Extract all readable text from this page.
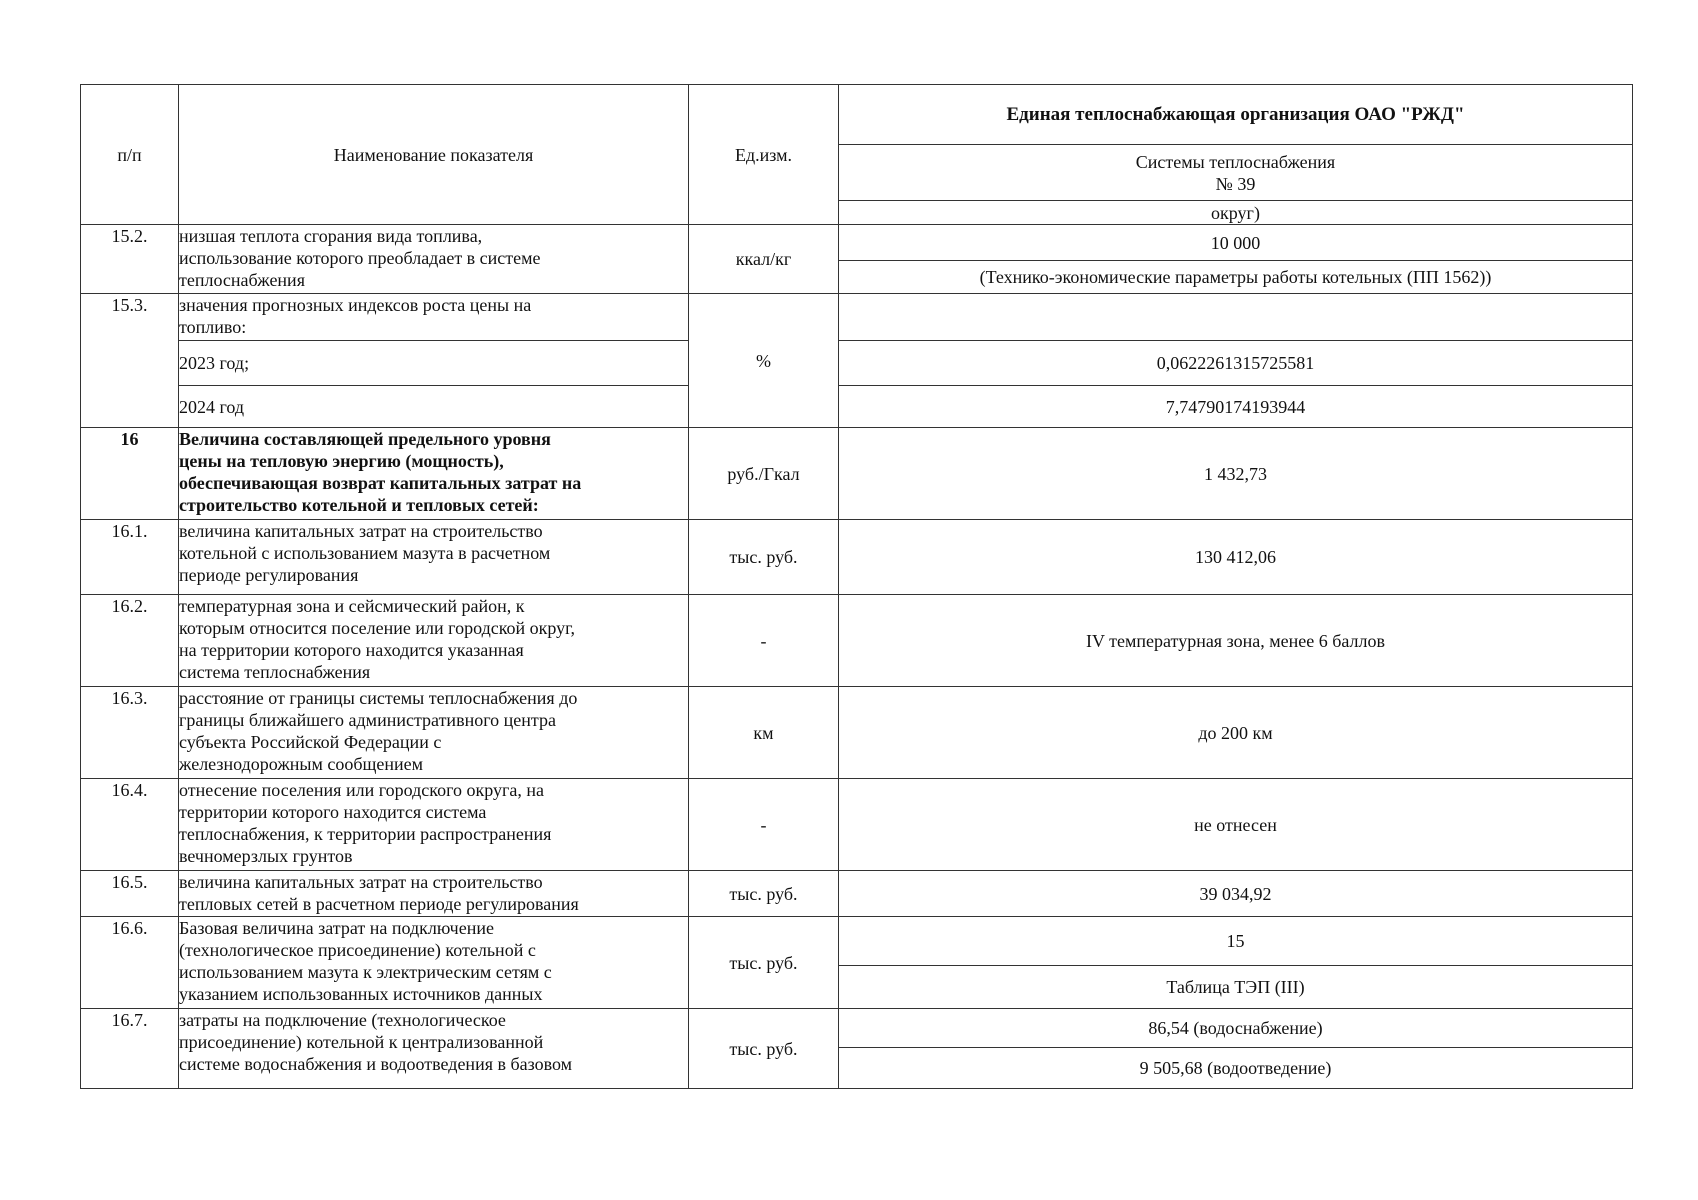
п/п	Наименование показателя	Ед.изм.	Единая теплоснабжающая организация ОАО "РЖД"

			Системы теплоснабжения
№ 39

			округ)
15.2.	низшая теплота сгорания вида топлива,
использование которого преобладает в системе
теплоснабжения	ккал/кг	10 000
			(Технико-экономические параметры работы котельных (ПП 1562))
15.3.	значения прогнозных индексов роста цены на
топливо:	%	
	2023 год;		0,0622261315725581
	2024 год		7,74790174193944
16	Величина составляющей предельного уровня
цены на тепловую энергию (мощность),
обеспечивающая возврат капитальных затрат на
строительство котельной и тепловых сетей:	руб./Гкал	1 432,73
16.1.	величина капитальных затрат на строительство
котельной с использованием мазута в расчетном
периоде регулирования	тыс. руб.	130 412,06
16.2.	температурная зона и сейсмический район, к
которым относится поселение или городской округ,
на территории которого находится указанная
система теплоснабжения	-	IV температурная зона, менее 6 баллов
16.3.	расстояние от границы системы теплоснабжения до
границы ближайшего административного центра
субъекта Российской Федерации с
железнодорожным сообщением	км	до 200 км
16.4.	отнесение поселения или городского округа, на
территории которого находится система
теплоснабжения, к территории распространения
вечномерзлых грунтов	-	не отнесен
16.5.	величина капитальных затрат на строительство
тепловых сетей в расчетном периоде регулирования	тыс. руб.	39 034,92
16.6.	Базовая величина затрат на подключение
(технологическое присоединение) котельной с
использованием мазута к электрическим сетям с
указанием использованных источников данных	тыс. руб.	15
			Таблица ТЭП (III)
16.7.	затраты на подключение (технологическое
присоединение) котельной к централизованной
системе водоснабжения и водоотведения в базовом	тыс. руб.	86,54 (водоснабжение)
			9 505,68 (водоотведение)
